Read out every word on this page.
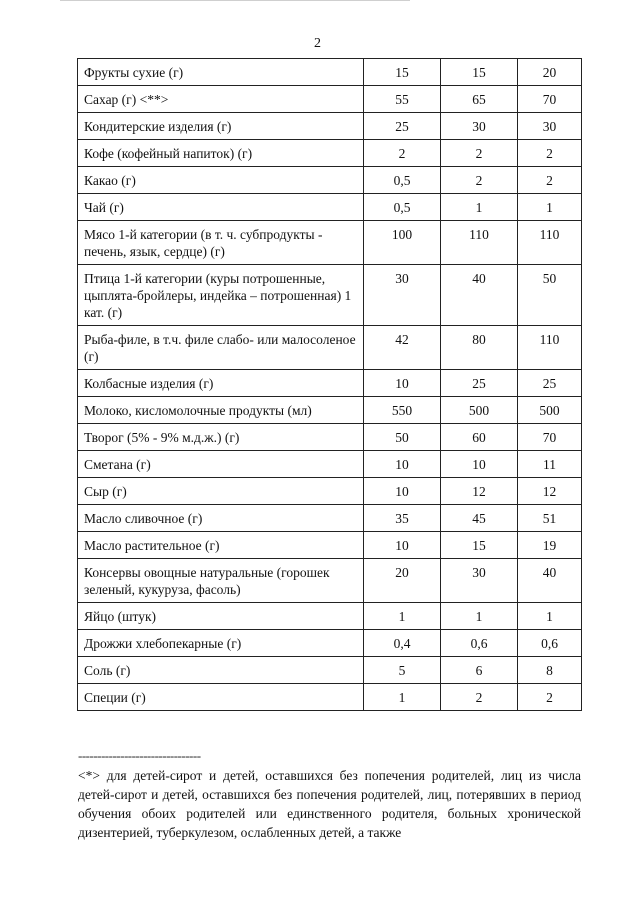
2
Фрукты сухие (г)	15	15	20
Сахар (г) <**>	55	65	70
Кондитерские изделия (г)	25	30	30
Кофе (кофейный напиток) (г)	2	2	2
Какао (г)	0,5	2	2
Чай (г)	0,5	1	1
Мясо 1-й категории (в т. ч. субпродукты - печень, язык, сердце) (г)	100	110	110
Птица 1-й категории (куры потрошенные, цыплята-бройлеры, индейка – потрошенная) 1 кат. (г)	30	40	50
Рыба-филе, в т.ч. филе слабо- или малосоленое (г)	42	80	110
Колбасные изделия (г)	10	25	25
Молоко, кисломолочные продукты (мл)	550	500	500
Творог (5% - 9% м.д.ж.) (г)	50	60	70
Сметана (г)	10	10	11
Сыр (г)	10	12	12
Масло сливочное (г)	35	45	51
Масло растительное (г)	10	15	19
Консервы овощные натуральные (горошек зеленый, кукуруза, фасоль)	20	30	40
Яйцо (штук)	1	1	1
Дрожжи хлебопекарные (г)	0,4	0,6	0,6
Соль (г)	5	6	8
Специи (г)	1	2	2
--------------------------------
<*> для детей-сирот и детей, оставшихся без попечения родителей, лиц из числа детей-сирот и детей, оставшихся без попечения родителей, лиц, потерявших в период обучения обоих родителей или единственного родителя, больных хронической дизентерией, туберкулезом, ослабленных детей, а также
